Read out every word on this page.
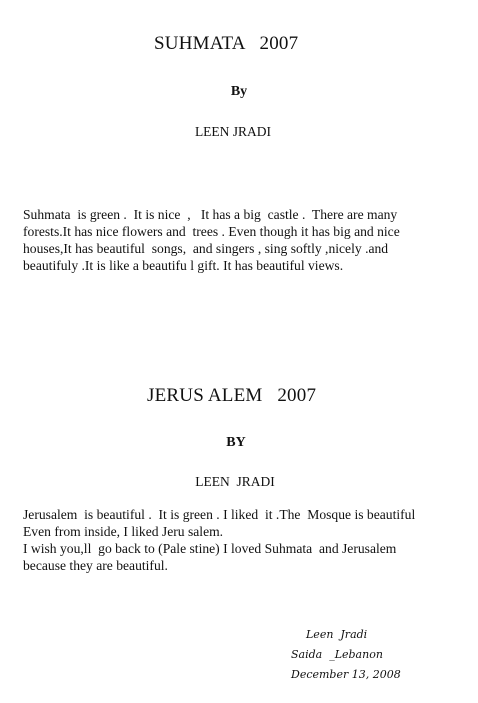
SUHMATA   2007
By
LEEN JRADI
Suhmata  is green .  It is nice  ,   It has a big  castle .  There are many
forests.It has nice flowers and  trees . Even though it has big and nice
houses,It has beautiful  songs,  and singers , sing softly ,nicely .and
beautifuly .It is like a beautifu l gift. It has beautiful views.
JERUS ALEM   2007
BY
LEEN  JRADI
Jerusalem  is beautiful .  It is green . I liked  it .The  Mosque is beautiful
Even from inside, I liked Jeru salem.
I wish you,ll  go back to (Pale stine) I loved Suhmata  and Jerusalem
because they are beautiful.
Leen  Jradi
Saida  _Lebanon
December 13, 2008
